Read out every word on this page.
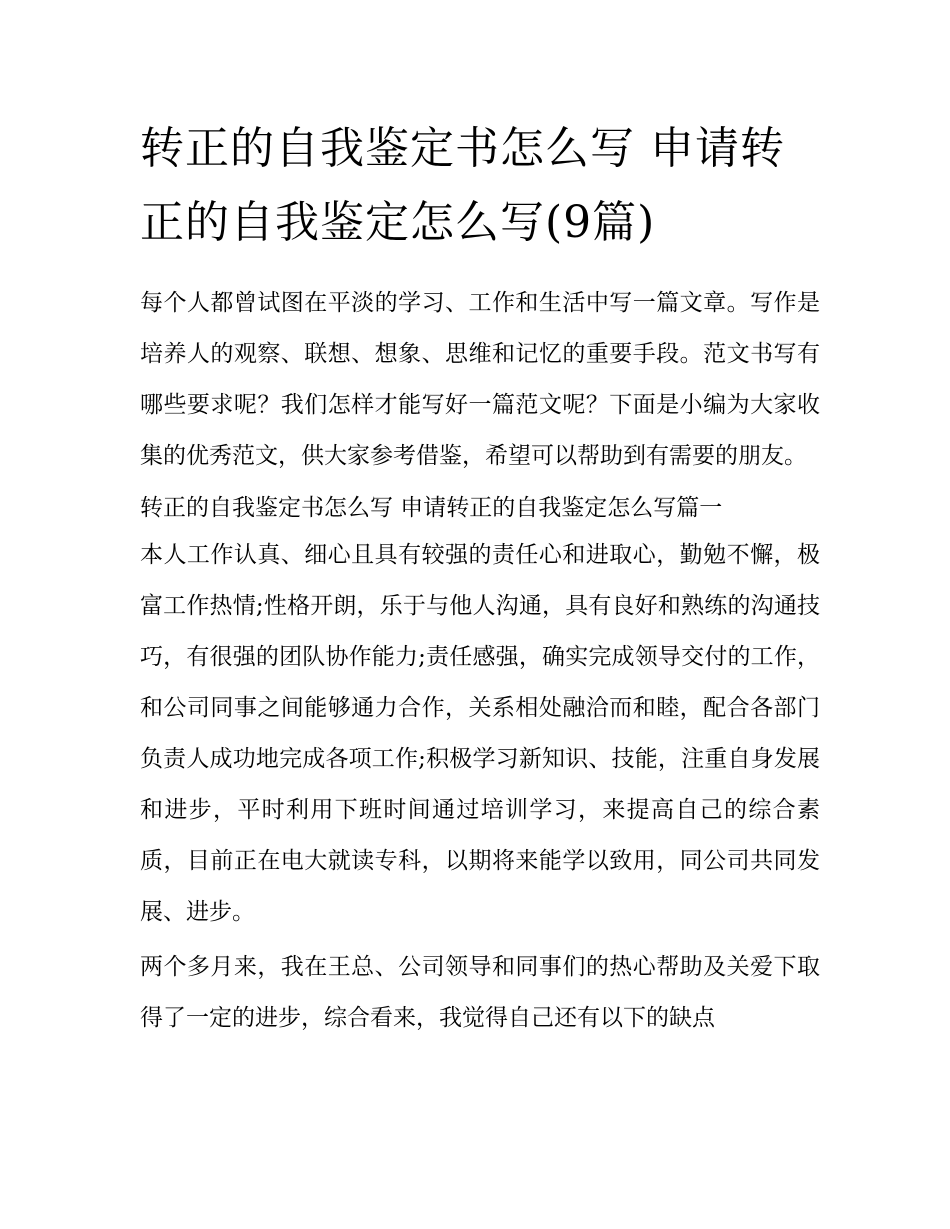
转正的自我鉴定书怎么写 申请转正的自我鉴定怎么写(9篇)

每个人都曾试图在平淡的学习、工作和生活中写一篇文章。写作是培养人的观察、联想、想象、思维和记忆的重要手段。范文书写有哪些要求呢？我们怎样才能写好一篇范文呢？下面是小编为大家收集的优秀范文，供大家参考借鉴，希望可以帮助到有需要的朋友。

转正的自我鉴定书怎么写 申请转正的自我鉴定怎么写篇一

本人工作认真、细心且具有较强的责任心和进取心，勤勉不懈，极富工作热情;性格开朗，乐于与他人沟通，具有良好和熟练的沟通技巧，有很强的团队协作能力;责任感强，确实完成领导交付的工作，和公司同事之间能够通力合作，关系相处融洽而和睦，配合各部门负责人成功地完成各项工作;积极学习新知识、技能，注重自身发展和进步，平时利用下班时间通过培训学习，来提高自己的综合素质，目前正在电大就读专科，以期将来能学以致用，同公司共同发展、进步。

两个多月来，我在王总、公司领导和同事们的热心帮助及关爱下取得了一定的进步，综合看来，我觉得自己还有以下的缺点
